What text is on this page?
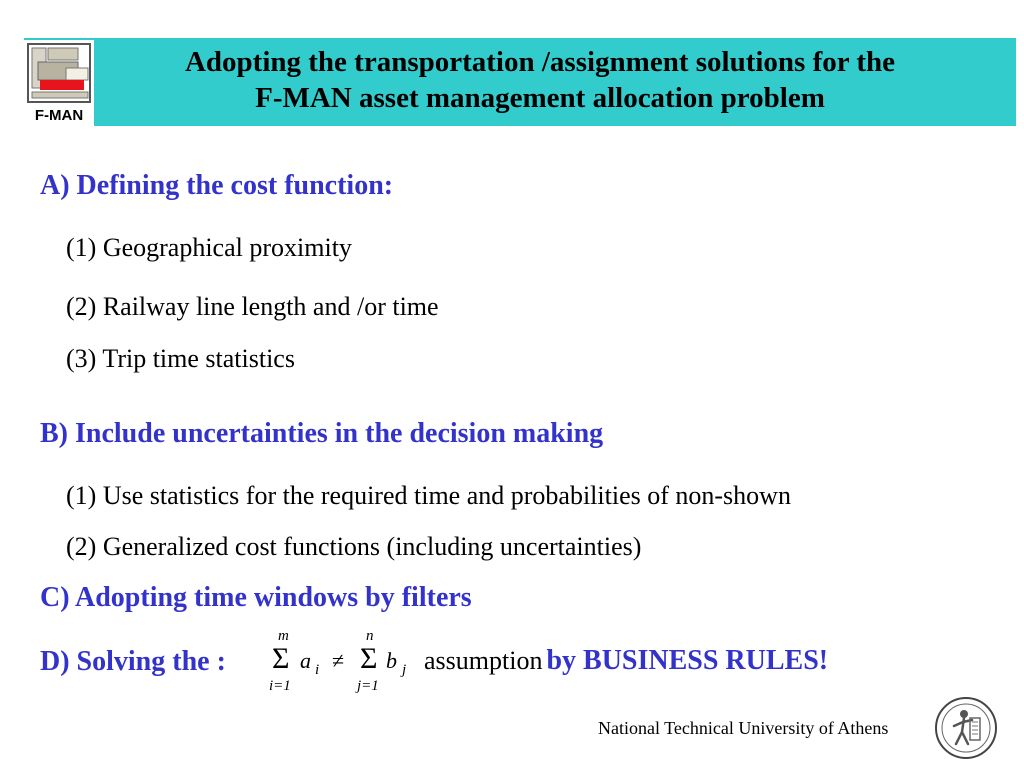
F-MAN
Adopting the transportation /assignment solutions for the
F-MAN asset management allocation problem
A) Defining the cost function:
(1) Geographical proximity
(2) Railway line length and /or time
(3) Trip time statistics
B) Include uncertainties in the decision making
(1) Use statistics for the required time and probabilities of non-shown
(2) Generalized cost functions (including uncertainties)
C) Adopting time windows by filters
D) Solving the :
m
Σ
i=1
a i ≠
n
Σ
j=1
b j assumption by BUSINESS RULES!
National Technical University of Athens
